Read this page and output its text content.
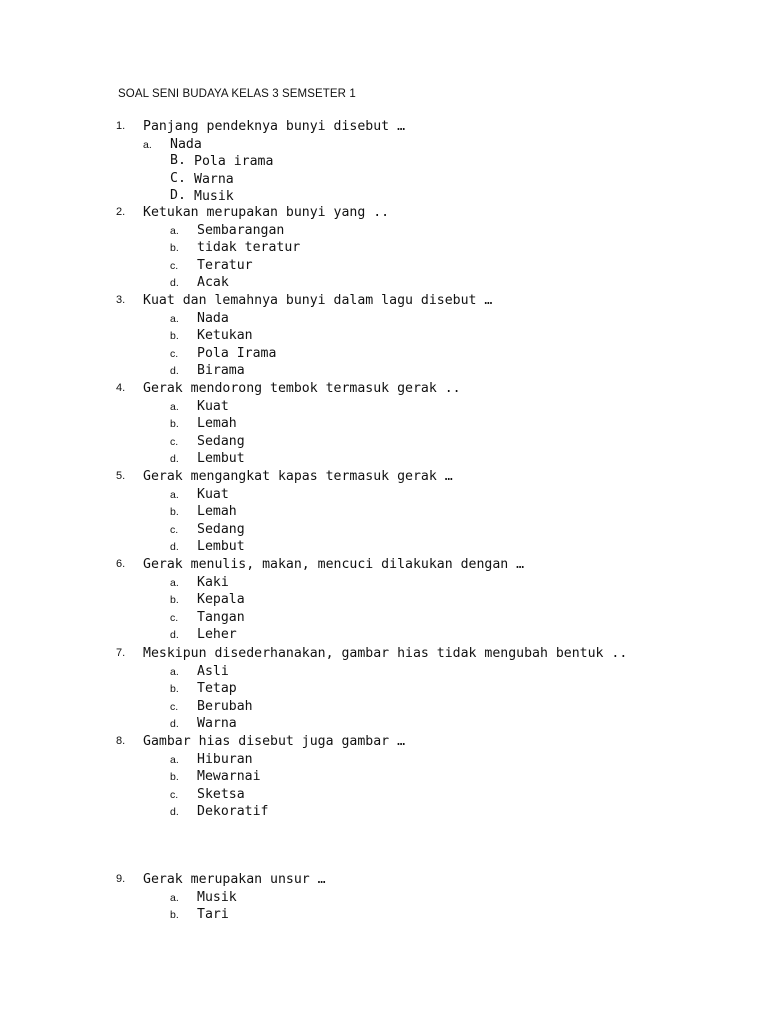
SOAL SENI BUDAYA KELAS 3 SEMSETER 1
1. Panjang pendeknya bunyi disebut …
a. Nada
B. Pola irama
C. Warna
D. Musik
2. Ketukan merupakan bunyi yang ..
a. Sembarangan
b. tidak teratur
c. Teratur
d. Acak
3. Kuat dan lemahnya bunyi dalam lagu disebut …
a. Nada
b. Ketukan
c. Pola Irama
d. Birama
4. Gerak mendorong tembok termasuk gerak ..
a. Kuat
b. Lemah
c. Sedang
d. Lembut
5. Gerak mengangkat kapas termasuk gerak …
a. Kuat
b. Lemah
c. Sedang
d. Lembut
6. Gerak menulis, makan, mencuci dilakukan dengan …
a. Kaki
b. Kepala
c. Tangan
d. Leher
7. Meskipun disederhanakan, gambar hias tidak mengubah bentuk ..
a. Asli
b. Tetap
c. Berubah
d. Warna
8. Gambar hias disebut juga gambar …
a. Hiburan
b. Mewarnai
c. Sketsa
d. Dekoratif
9. Gerak merupakan unsur …
a. Musik
b. Tari
